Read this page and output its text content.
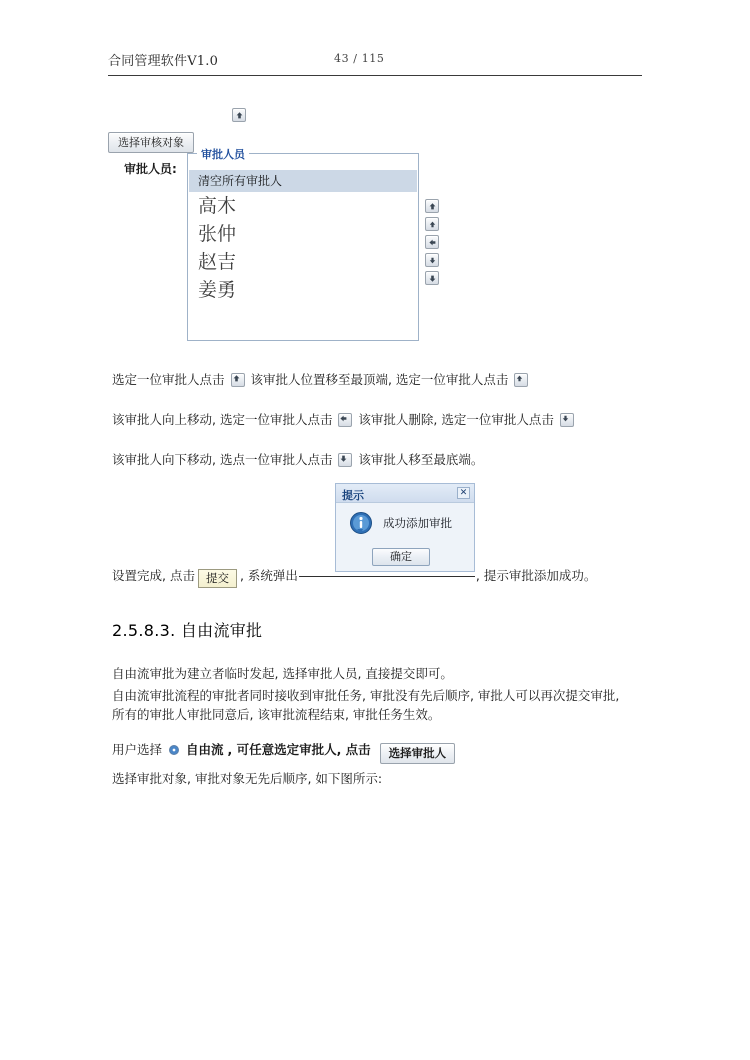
合同管理软件V1.0	43 / 115
选择审核对象
审批人员:
审批人员
清空所有审批人
高木
张仲
赵吉
姜勇
选定一位审批人点击 该审批人位置移至最顶端, 选定一位审批人点击
该审批人向上移动, 选定一位审批人点击 该审批人删除, 选定一位审批人点击
该审批人向下移动, 选点一位审批人点击 该审批人移至最底端。
提示	✕
成功添加审批
确定
设置完成, 点击 提交 , 系统弹出	, 提示审批添加成功。
2.5.8.3. 自由流审批
自由流审批为建立者临时发起, 选择审批人员, 直接提交即可。
自由流审批流程的审批者同时接收到审批任务, 审批没有先后顺序, 审批人可以再次提交审批, 所有的审批人审批同意后, 该审批流程结束, 审批任务生效。
用户选择 自由流 , 可任意选定审批人, 点击 选择审批人
选择审批对象, 审批对象无先后顺序, 如下图所示:
